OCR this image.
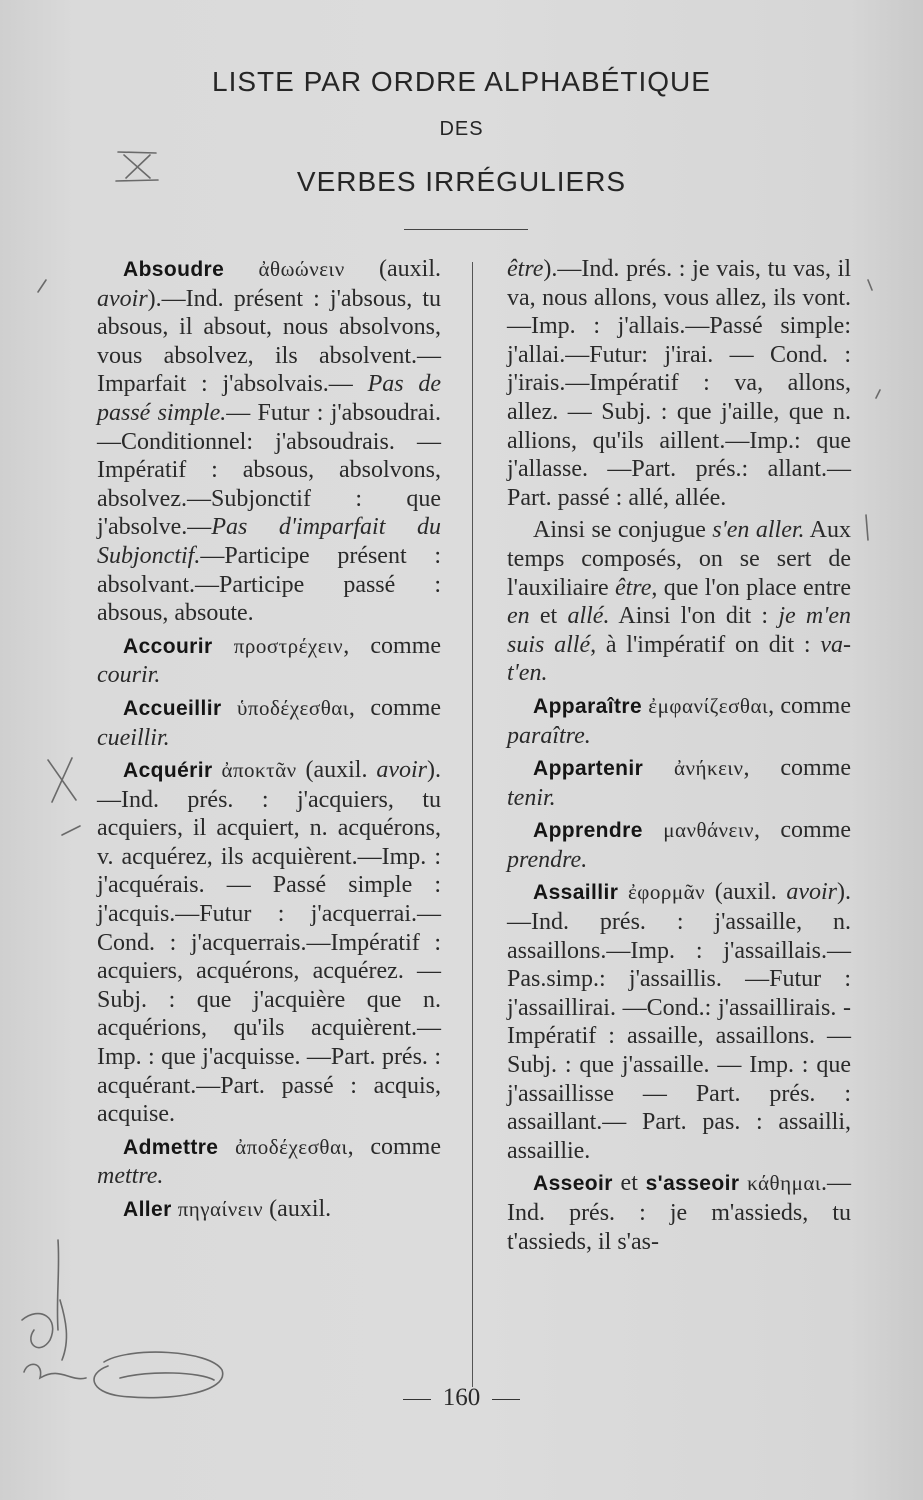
LISTE PAR ORDRE ALPHABÉTIQUE
DES
VERBES IRRÉGULIERS

Absoudre ἀθωώνειν (auxil. avoir).—Ind. présent : j'absous, tu absous, il absout, nous absolvons, vous absolvez, ils absolvent.—Imparfait : j'absolvais.— Pas de passé simple.— Futur : j'absoudrai. —Conditionnel: j'absoudrais. — Impératif : absous, absolvons, absolvez.—Subjonctif : que j'absolve.—Pas d'imparfait du Subjonctif.—Participe présent : absolvant.—Participe passé : absous, absoute.

Accourir προστρέχειν, comme courir.

Accueillir ὑποδέχεσθαι, comme cueillir.

Acquérir ἀποκτᾶν (auxil. avoir).—Ind. prés. : j'acquiers, tu acquiers, il acquiert, n. acquérons, v. acquérez, ils acquièrent.—Imp. : j'acquérais. — Passé simple : j'acquis.—Futur : j'acquerrai.—Cond. : j'acquerrais.—Impératif : acquiers, acquérons, acquérez. — Subj. : que j'acquière que n. acquérions, qu'ils acquièrent.—Imp. : que j'acquisse. —Part. prés. : acquérant.—Part. passé : acquis, acquise.

Admettre ἀποδέχεσθαι, comme mettre.

Aller πηγαίνειν (auxil.

être).—Ind. prés. : je vais, tu vas, il va, nous allons, vous allez, ils vont.—Imp. : j'allais.—Passé simple: j'allai.—Futur: j'irai. — Cond. : j'irais.—Impératif : va, allons, allez. — Subj. : que j'aille, que n. allions, qu'ils aillent.—Imp.: que j'allasse. —Part. prés.: allant.—Part. passé : allé, allée.

Ainsi se conjugue s'en aller. Aux temps composés, on se sert de l'auxiliaire être, que l'on place entre en et allé. Ainsi l'on dit : je m'en suis allé, à l'impératif on dit : va-t'en.

Apparaître ἐμφανίζεσθαι, comme paraître.

Appartenir ἀνήκειν, comme tenir.

Apprendre μανθάνειν, comme prendre.

Assaillir ἐφορμᾶν (auxil. avoir). —Ind. prés. : j'assaille, n. assaillons.—Imp. : j'assaillais.—Pas.simp.: j'assaillis. —Futur : j'assaillirai. —Cond.: j'assaillirais. - Impératif : assaille, assaillons. —Subj. : que j'assaille. — Imp. : que j'assaillisse — Part. prés. : assaillant.— Part. pas. : assailli, assaillie.

Asseoir et s'asseoir κάθημαι.—Ind. prés. : je m'assieds, tu t'assieds, il s'as-

160
